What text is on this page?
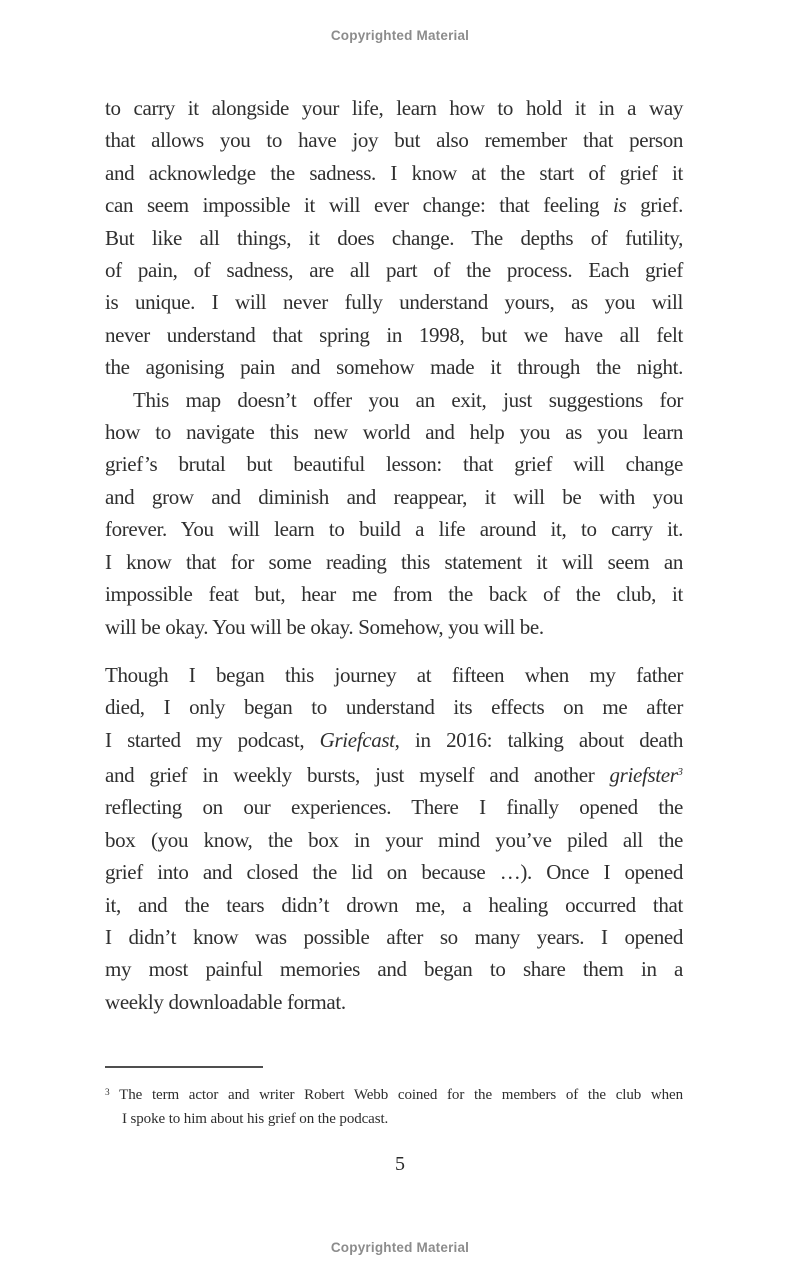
Copyrighted Material
to carry it alongside your life, learn how to hold it in a way
that allows you to have joy but also remember that person
and acknowledge the sadness. I know at the start of grief it
can seem impossible it will ever change: that feeling is grief.
But like all things, it does change. The depths of futility,
of pain, of sadness, are all part of the process. Each grief
is unique. I will never fully understand yours, as you will
never understand that spring in 1998, but we have all felt
the agonising pain and somehow made it through the night.
This map doesn’t offer you an exit, just suggestions for
how to navigate this new world and help you as you learn
grief’s brutal but beautiful lesson: that grief will change
and grow and diminish and reappear, it will be with you
forever. You will learn to build a life around it, to carry it.
I know that for some reading this statement it will seem an
impossible feat but, hear me from the back of the club, it
will be okay. You will be okay. Somehow, you will be.
Though I began this journey at fifteen when my father
died, I only began to understand its effects on me after
I started my podcast, Griefcast, in 2016: talking about death
and grief in weekly bursts, just myself and another griefster$^3$
reflecting on our experiences. There I finally opened the
box (you know, the box in your mind you’ve piled all the
grief into and closed the lid on because …). Once I opened
it, and the tears didn’t drown me, a healing occurred that
I didn’t know was possible after so many years. I opened
my most painful memories and began to share them in a
weekly downloadable format.
$^3$ The term actor and writer Robert Webb coined for the members of the club when
I spoke to him about his grief on the podcast.
5
Copyrighted Material
